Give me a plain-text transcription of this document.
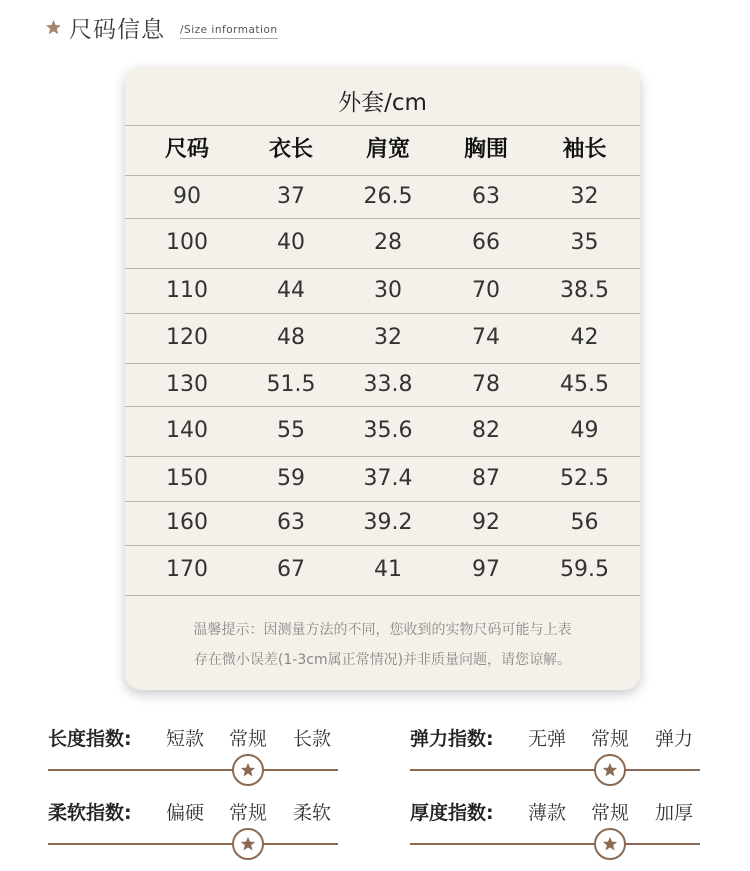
尺码信息 /Size information
外套/cm
尺码	衣长	肩宽	胸围	袖长
90	37	26.5	63	32
100	40	28	66	35
110	44	30	70	38.5
120	48	32	74	42
130	51.5	33.8	78	45.5
140	55	35.6	82	49
150	59	37.4	87	52.5
160	63	39.2	92	56
170	67	41	97	59.5
温馨提示：因测量方法的不同，您收到的实物尺码可能与上表
存在微小误差(1-3cm属正常情况)并非质量问题，请您谅解。
长度指数: 短款 常规 长款	弹力指数: 无弹 常规 弹力
柔软指数: 偏硬 常规 柔软	厚度指数: 薄款 常规 加厚
